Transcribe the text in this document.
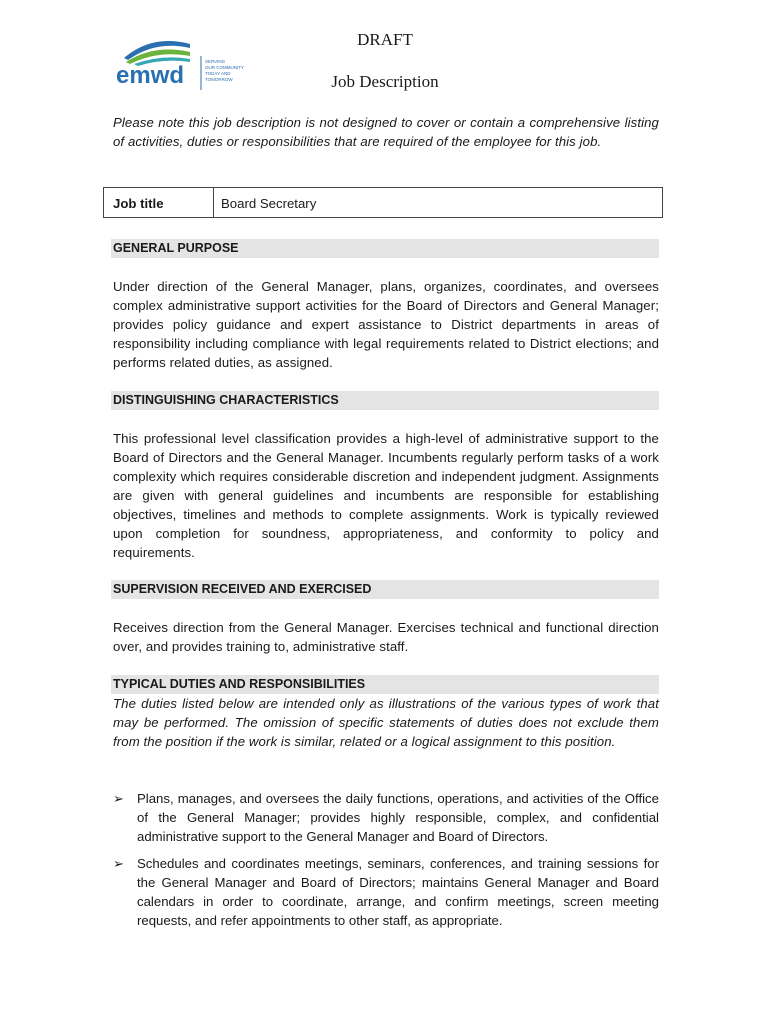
emwd
SERVING
OUR COMMUNITY
TODAY AND
TOMORROW
DRAFT
Job Description

Please note this job description is not designed to cover or contain a comprehensive listing of activities, duties or responsibilities that are required of the employee for this job.

Job title	Board Secretary
GENERAL PURPOSE

Under direction of the General Manager, plans, organizes, coordinates, and oversees complex administrative support activities for the Board of Directors and General Manager; provides policy guidance and expert assistance to District departments in areas of responsibility including compliance with legal requirements related to District elections; and performs related duties, as assigned.

DISTINGUISHING CHARACTERISTICS

This professional level classification provides a high-level of administrative support to the Board of Directors and the General Manager. Incumbents regularly perform tasks of a work complexity which requires considerable discretion and independent judgment. Assignments are given with general guidelines and incumbents are responsible for establishing objectives, timelines and methods to complete assignments. Work is typically reviewed upon completion for soundness, appropriateness, and conformity to policy and requirements.

SUPERVISION RECEIVED AND EXERCISED

Receives direction from the General Manager. Exercises technical and functional direction over, and provides training to, administrative staff.

TYPICAL DUTIES AND RESPONSIBILITIES

The duties listed below are intended only as illustrations of the various types of work that may be performed. The omission of specific statements of duties does not exclude them from the position if the work is similar, related or a logical assignment to this position.

➢ Plans, manages, and oversees the daily functions, operations, and activities of the Office of the General Manager; provides highly responsible, complex, and confidential administrative support to the General Manager and Board of Directors.
➢ Schedules and coordinates meetings, seminars, conferences, and training sessions for the General Manager and Board of Directors; maintains General Manager and Board calendars in order to coordinate, arrange, and confirm meetings, screen meeting requests, and refer appointments to other staff, as appropriate.
